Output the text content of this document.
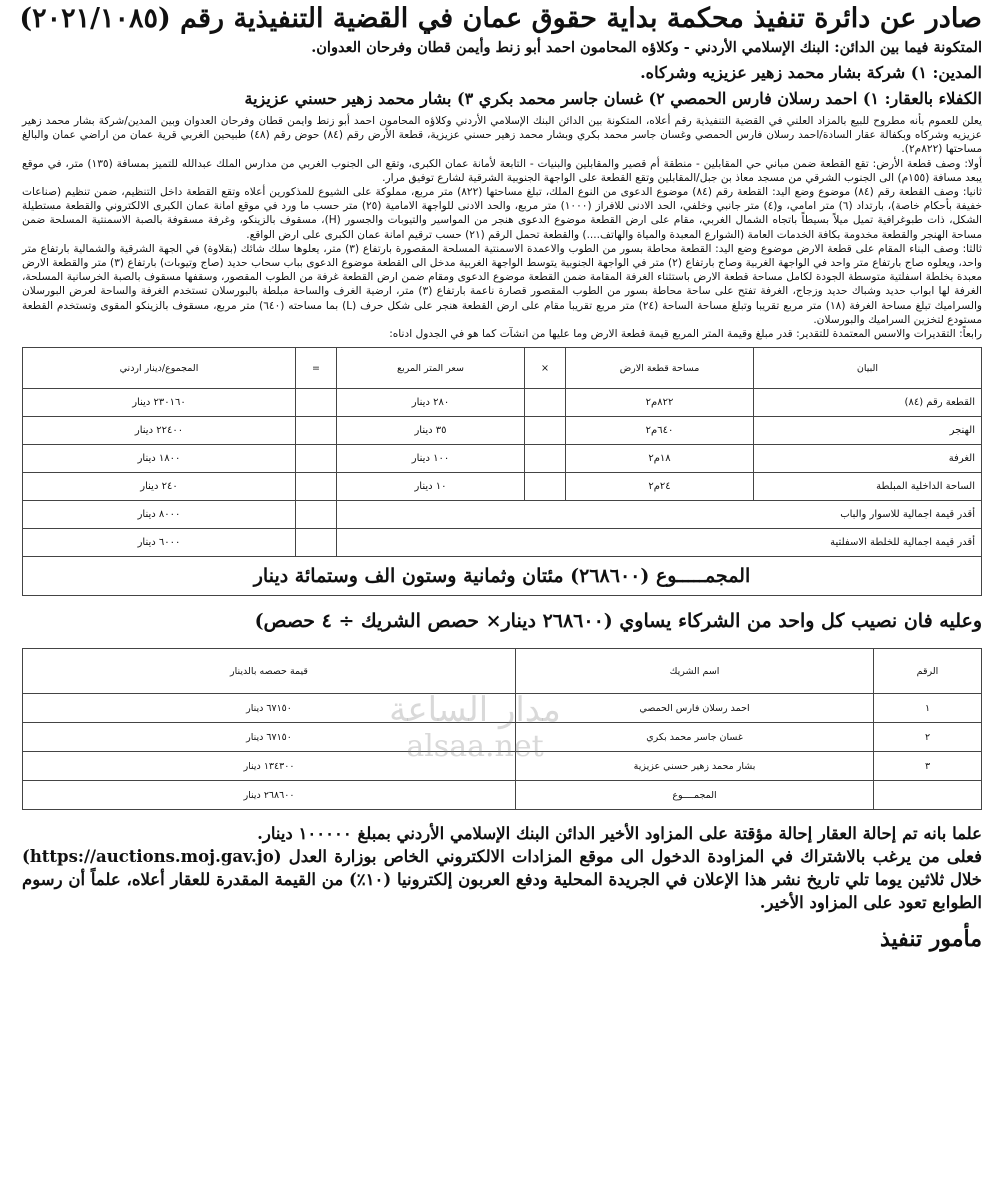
صادر عن دائرة تنفيذ محكمة بداية حقوق عمان في القضية التنفيذية رقم (٢٠٢١/١٠٨٥)
المتكونة فيما بين الدائن: البنك الإسلامي الأردني - وكلاؤه المحامون احمد أبو زنط وأيمن قطان وفرحان العدوان.
المدين: ١) شركة بشار محمد زهير عزيزيه وشركاه.
الكفلاء بالعقار: ١) احمد رسلان فارس الحمصي ٢) غسان جاسر محمد بكري ٣) بشار محمد زهير حسني عزيزية

يعلن للعموم بأنه مطروح للبيع بالمزاد العلني في القضية التنفيذية رقم أعلاه، المتكونة بين الدائن البنك الإسلامي الأردني وكلاؤه المحامون احمد أبو زنط وايمن قطان وفرحان العدوان وبين المدين/شركة بشار محمد زهير عزيزيه وشركاه وبكفالة عقار السادة/احمد رسلان فارس الحمصي وغسان جاسر محمد بكري وبشار محمد زهير حسني عزيزية، قطعة الأرض رقم (٨٤) حوض رقم (٤٨) طبيحين الغربي قرية عمان من اراضي عمان والبالغ مساحتها (٨٢٢م٢).

أولا: وصف قطعة الأرض: تقع القطعة ضمن مباني حي المقابلين - منطقة أم قصير والمقابلين والبنيات - التابعة لأمانة عمان الكبرى، وتقع الى الجنوب الغربي من مدارس الملك عبدالله للتميز بمسافة (١٣٥) متر، في موقع يبعد مسافة (١٥٥م) الى الجنوب الشرقي من مسجد معاذ بن جبل/المقابلين وتقع القطعة على الواجهة الجنوبية الشرقية لشارع توفيق مرار.

ثانيا: وصف القطعة رقم (٨٤) موضوع وضع اليد: القطعة رقم (٨٤) موضوع الدعوى من النوع الملك، تبلغ مساحتها (٨٢٢) متر مربع، مملوكة على الشيوع للمذكورين أعلاه وتقع القطعة داخل التنظيم، ضمن تنظيم (صناعات خفيفة بأحكام خاصة)، بارتداد (٦) متر امامي، و(٤) متر جانبي وخلفي، الحد الادنى للافراز (١٠٠٠) متر مربع، والحد الادنى للواجهة الامامية (٢٥) متر حسب ما ورد في موقع امانة عمان الكبرى الالكتروني والقطعة مستطيلة الشكل، ذات طبوغرافية تميل ميلاً بسيطاً باتجاه الشمال الغربي، مقام على ارض القطعة موضوع الدعوى هنجر من المواسير والتيوبات والجسور (H)، مسقوف بالزينكو، وغرفة مسقوفة بالصبة الاسمنتية المسلحة ضمن مساحة الهنجر والقطعة مخدومة بكافة الخدمات العامة (الشوارع المعبدة والمياة والهاتف....) والقطعة تحمل الرقم (٢١) حسب ترقيم امانة عمان الكبرى على ارض الواقع.

ثالثا: وصف البناء المقام على قطعة الارض موضوع وضع اليد: القطعة محاطة بسور من الطوب والاعمدة الاسمنتية المسلحة المقصورة بارتفاع (٣) متر، يعلوها سلك شائك (بقلاوة) في الجهة الشرقية والشمالية بارتفاع متر واحد، ويعلوه صاج بارتفاع متر واحد في الواجهة الغربية وصاج بارتفاع (٢) متر في الواجهة الجنوبية يتوسط الواجهة الغربية مدخل الى القطعة موضوع الدعوى بباب سحاب حديد (صاج وتيوبات) بارتفاع (٣) متر والقطعة الارض معبدة بخلطة اسفلتية متوسطة الجودة لكامل مساحة قطعة الارض باستثناء الغرفة المقامة ضمن القطعة موضوع الدعوى ومقام ضمن ارض القطعة غرفة من الطوب المقصور، وسقفها مسقوف بالصبة الخرسانية المسلحة، الغرفة لها ابواب حديد وشباك حديد وزجاج، الغرفة تفتح على ساحة محاطة بسور من الطوب المقصور قصارة ناعمة بارتفاع (٣) متر، ارضية الغرف والساحة مبلطة بالبورسلان تستخدم الغرفة والساحة لعرض البورسلان والسراميك تبلغ مساحة الغرفة (١٨) متر مربع تقريبا وتبلغ مساحة الساحة (٢٤) متر مربع تقريبا مقام على ارض القطعة هنجر على شكل حرف (L) بما مساحته (٦٤٠) متر مربع، مسقوف بالزينكو المقوى وتستخدم القطعة مستودع لتخزين السراميك والبورسلان.

رابعاً: التقديرات والاسس المعتمدة للتقدير: قدر مبلغ وقيمة المتر المربع قيمة قطعة الارض وما عليها من انشآت كما هو في الجدول ادناه:

البيان	مساحة قطعة الارض	×	سعر المتر المربع	=	المجموع/دينار اردني
القطعة رقم (٨٤)	٨٢٢م٢		٢٨٠ دينار		٢٣٠١٦٠ دينار
الهنجر	٦٤٠م٢		٣٥ دينار		٢٢٤٠٠ دينار
الغرفة	١٨م٢		١٠٠ دينار		١٨٠٠ دينار
الساحة الداخلية المبلطة	٢٤م٢		١٠ دينار		٢٤٠ دينار
أقدر قيمة اجمالية للاسوار والباب					٨٠٠٠ دينار
أقدر قيمة اجمالية للخلطة الاسفلتية					٦٠٠٠ دينار
المجمـــــوع (٢٦٨٦٠٠) مئتان وثمانية وستون الف وستمائة دينار					
وعليه فان نصيب كل واحد من الشركاء يساوي (٢٦٨٦٠٠ دينار× حصص الشريك ÷ ٤ حصص)
الرقم	اسم الشريك	قيمة حصصه بالدينار
١	احمد رسلان فارس الحمصي	٦٧١٥٠ دينار
٢	غسان جاسر محمد بكري	٦٧١٥٠ دينار
٣	بشار محمد زهير حسني عزيزية	١٣٤٣٠٠ دينار
	المجمــــوع	٢٦٨٦٠٠ دينار

علما بانه تم إحالة العقار إحالة مؤقتة على المزاود الأخير الدائن البنك الإسلامي الأردني بمبلغ ١٠٠٠٠٠ دينار.

فعلى من يرغب بالاشتراك في المزاودة الدخول الى موقع المزادات الالكتروني الخاص بوزارة العدل (https://auctions.moj.gav.jo) خلال ثلاثين يوما تلي تاريخ نشر هذا الإعلان في الجريدة المحلية ودفع العربون إلكترونيا (١٠٪) من القيمة المقدرة للعقار أعلاه، علماً أن رسوم الطوابع تعود على المزاود الأخير.

مأمور تنفيذ
مدار الساعة
alsaa.net
